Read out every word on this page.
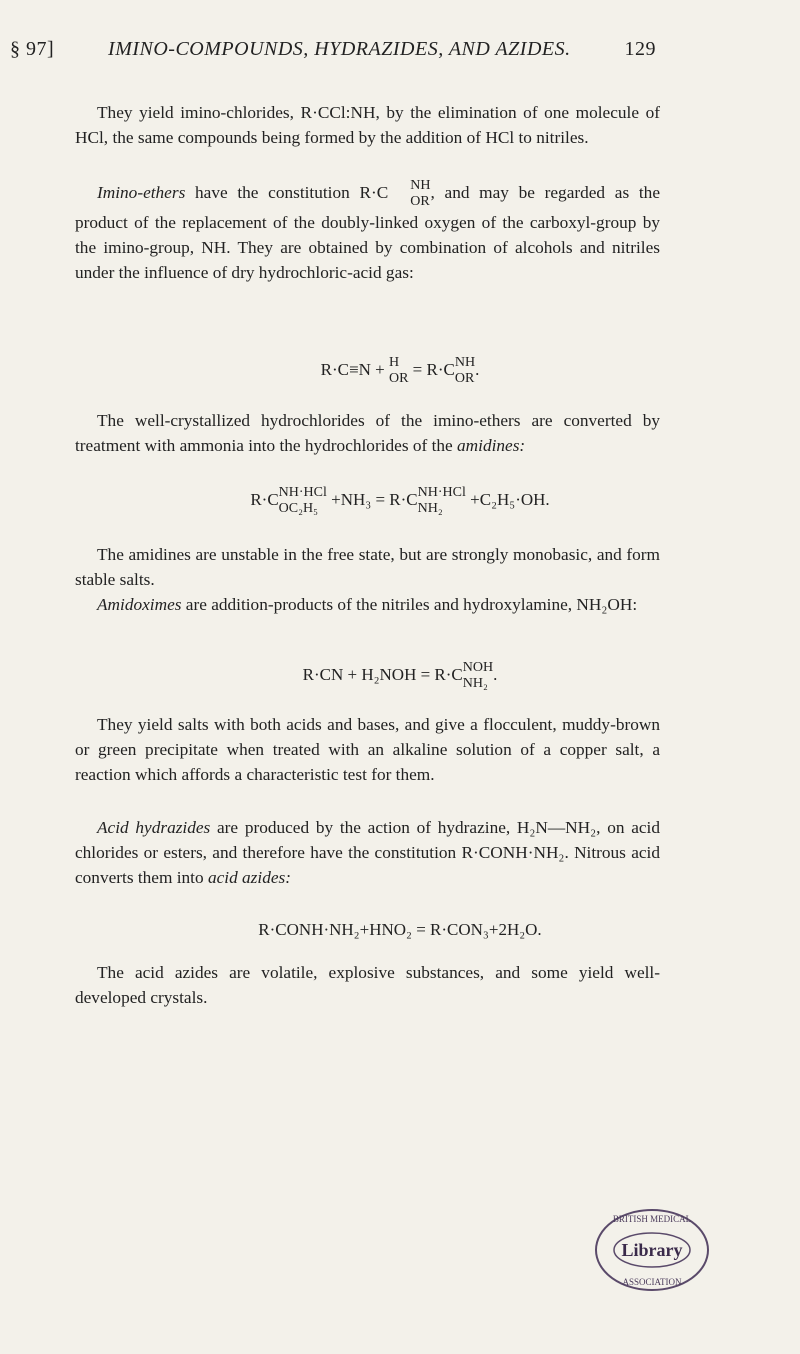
§ 97]	IMINO-COMPOUNDS, HYDRAZIDES, AND AZIDES.	129

They yield imino-chlorides, R·CCl:NH, by the elimination of one molecule of HCl, the same compounds being formed by the addition of HCl to nitriles.

Imino-ethers have the constitution R·C	NH
OR , and may be regarded as the product of the replacement of the doubly-linked oxygen of the carboxyl-group by the imino-group, NH. They are obtained by combination of alcohols and nitriles under the influence of dry hydrochloric-acid gas:

R·C≡N + H
OR = R·C NH
OR .

The well-crystallized hydrochlorides of the imino-ethers are converted by treatment with ammonia into the hydrochlorides of the amidines:

R·C NH·HCl
OC₂H₅ +NH₃ = R·C NH·HCl
NH₂	+C₂H₅·OH.

The amidines are unstable in the free state, but are strongly monobasic, and form stable salts.

Amidoximes are addition-products of the nitriles and hydroxylamine, NH₂OH:

R·CN + H₂NOH = R·C NOH
NH₂ .

They yield salts with both acids and bases, and give a flocculent, muddy-brown or green precipitate when treated with an alkaline solution of a copper salt, a reaction which affords a characteristic test for them.

Acid hydrazides are produced by the action of hydrazine, H₂N—NH₂, on acid chlorides or esters, and therefore have the constitution R·CONH·NH₂. Nitrous acid converts them into acid azides:

R·CONH·NH₂+HNO₂ = R·CON₃+2H₂O.

The acid azides are volatile, explosive substances, and some yield well-developed crystals.

BRITISH MEDICAL
Library
ASSOCIATION
